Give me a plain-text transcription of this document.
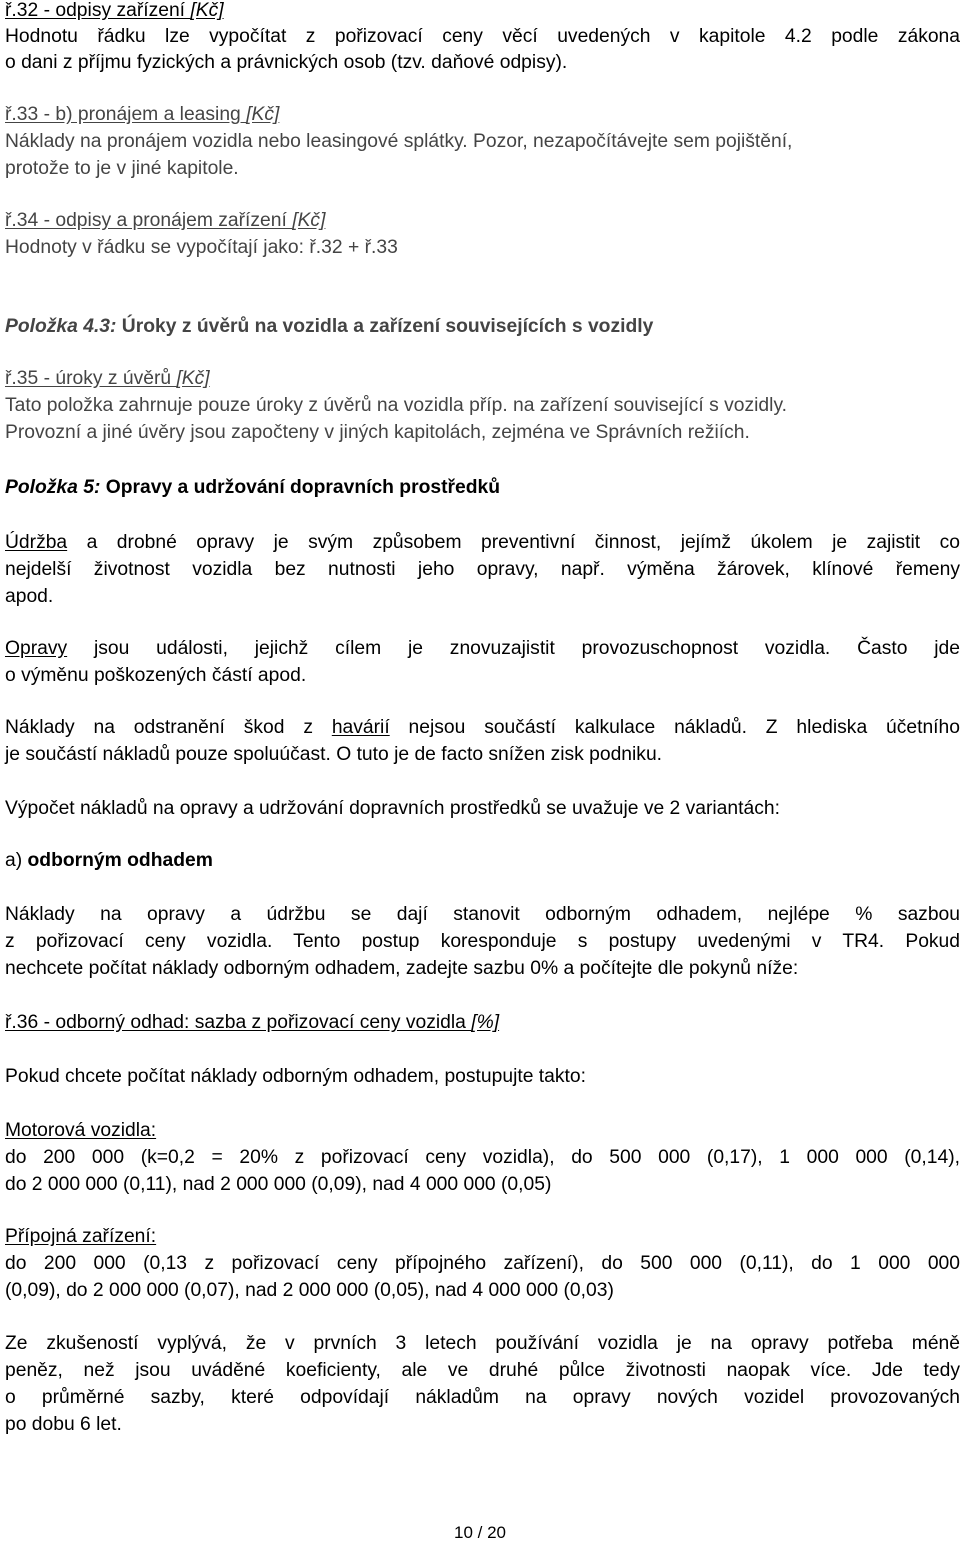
ř.32 - odpisy zařízení [Kč]
Hodnotu řádku lze vypočítat z pořizovací ceny věcí uvedených v kapitole 4.2 podle zákona
o dani z příjmu fyzických a právnických osob (tzv. daňové odpisy).
ř.33 - b) pronájem a leasing [Kč]
Náklady na pronájem vozidla nebo leasingové splátky. Pozor, nezapočítávejte sem pojištění,
protože to je v jiné kapitole.
ř.34 - odpisy a pronájem zařízení [Kč]
Hodnoty v řádku se vypočítají jako: ř.32 + ř.33
Položka 4.3: Úroky z úvěrů na vozidla a zařízení souvisejících s vozidly
ř.35 - úroky z úvěrů [Kč]
Tato položka zahrnuje pouze úroky z úvěrů na vozidla příp. na zařízení související s vozidly.
Provozní a jiné úvěry jsou započteny v jiných kapitolách, zejména ve Správních režiích.
Položka 5: Opravy a udržování dopravních prostředků
Údržba a drobné opravy je svým způsobem preventivní činnost, jejímž úkolem je zajistit co
nejdelší životnost vozidla bez nutnosti jeho opravy, např. výměna žárovek, klínové řemeny
apod.
Opravy jsou události, jejichž cílem je znovuzajistit provozuschopnost vozidla. Často jde
o výměnu poškozených částí apod.
Náklady na odstranění škod z havárií nejsou součástí kalkulace nákladů. Z hlediska účetního
je součástí nákladů pouze spoluúčast. O tuto je de facto snížen zisk podniku.
Výpočet nákladů na opravy a udržování dopravních prostředků se uvažuje ve 2 variantách:
a) odborným odhadem
Náklady na opravy a údržbu se dají stanovit odborným odhadem, nejlépe % sazbou
z pořizovací ceny vozidla. Tento postup koresponduje s postupy uvedenými v TR4. Pokud
nechcete počítat náklady odborným odhadem, zadejte sazbu 0% a počítejte dle pokynů níže:
ř.36 - odborný odhad: sazba z pořizovací ceny vozidla [%]
Pokud chcete počítat náklady odborným odhadem, postupujte takto:
Motorová vozidla:
do 200 000 (k=0,2 = 20% z pořizovací ceny vozidla), do 500 000 (0,17), 1 000 000 (0,14),
do 2 000 000 (0,11), nad 2 000 000 (0,09), nad 4 000 000 (0,05)
Přípojná zařízení:
do 200 000 (0,13 z pořizovací ceny přípojného zařízení), do 500 000 (0,11), do 1 000 000
(0,09), do 2 000 000 (0,07), nad 2 000 000 (0,05), nad 4 000 000 (0,03)
Ze zkušeností vyplývá, že v prvních 3 letech používání vozidla je na opravy potřeba méně
peněz, než jsou uváděné koeficienty, ale ve druhé půlce životnosti naopak více. Jde tedy
o průměrné sazby, které odpovídají nákladům na opravy nových vozidel provozovaných
po dobu 6 let.
10 / 20
